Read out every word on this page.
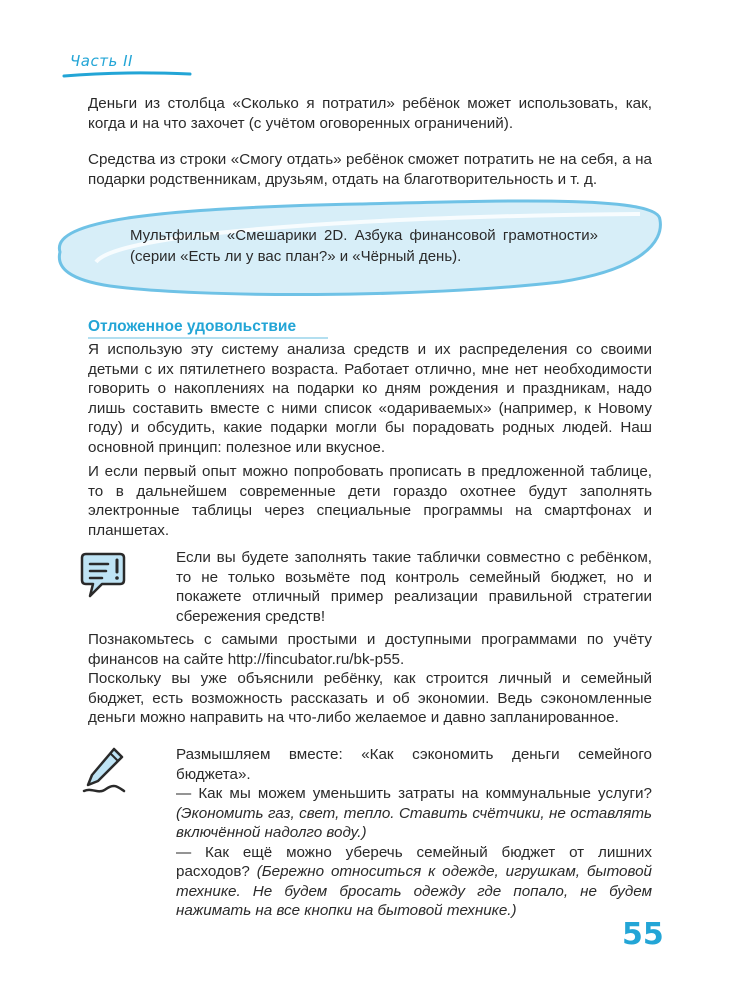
Часть II

Деньги из столбца «Сколько я потратил» ребёнок может использовать, как, когда и на что захочет (с учётом оговоренных ограничений).

Средства из строки «Смогу отдать» ребёнок сможет потратить не на себя, а на подарки родственникам, друзьям, отдать на благотворительность и т. д.

Мультфильм «Смешарики 2D. Азбука финансовой грамотности» (серии «Есть ли у вас план?» и «Чёрный день).
Отложенное удовольствие

Я использую эту систему анализа средств и их распределения со своими детьми с их пятилетнего возраста. Работает отлично, мне нет необходимости говорить о накоплениях на подарки ко дням рождения и праздникам, надо лишь составить вместе с ними список «одариваемых» (например, к Новому году) и обсудить, какие подарки могли бы порадовать родных людей. Наш основной принцип: полезное или вкусное.

И если первый опыт можно попробовать прописать в предложенной таблице, то в дальнейшем современные дети гораздо охотнее будут заполнять электронные таблицы через специальные программы на смартфонах и планшетах.

Если вы будете заполнять такие таблички совместно с ребёнком, то не только возьмёте под контроль семейный бюджет, но и покажете отличный пример реализации правильной стратегии сбережения средств!

Познакомьтесь с самыми простыми и доступными программами по учёту финансов на сайте http://fincubator.ru/bk-p55.

Поскольку вы уже объяснили ребёнку, как строится личный и семейный бюджет, есть возможность рассказать и об экономии. Ведь сэкономленные деньги можно направить на что-либо желаемое и давно запланированное.

Размышляем вместе: «Как сэкономить деньги семейного бюджета».
— Как мы можем уменьшить затраты на коммунальные услуги? (Экономить газ, свет, тепло. Ставить счётчики, не оставлять включённой надолго воду.)
— Как ещё можно уберечь семейный бюджет от лишних расходов? (Бережно относиться к одежде, игрушкам, бытовой технике. Не будем бросать одежду где попало, не будем нажимать на все кнопки на бытовой технике.)
55
